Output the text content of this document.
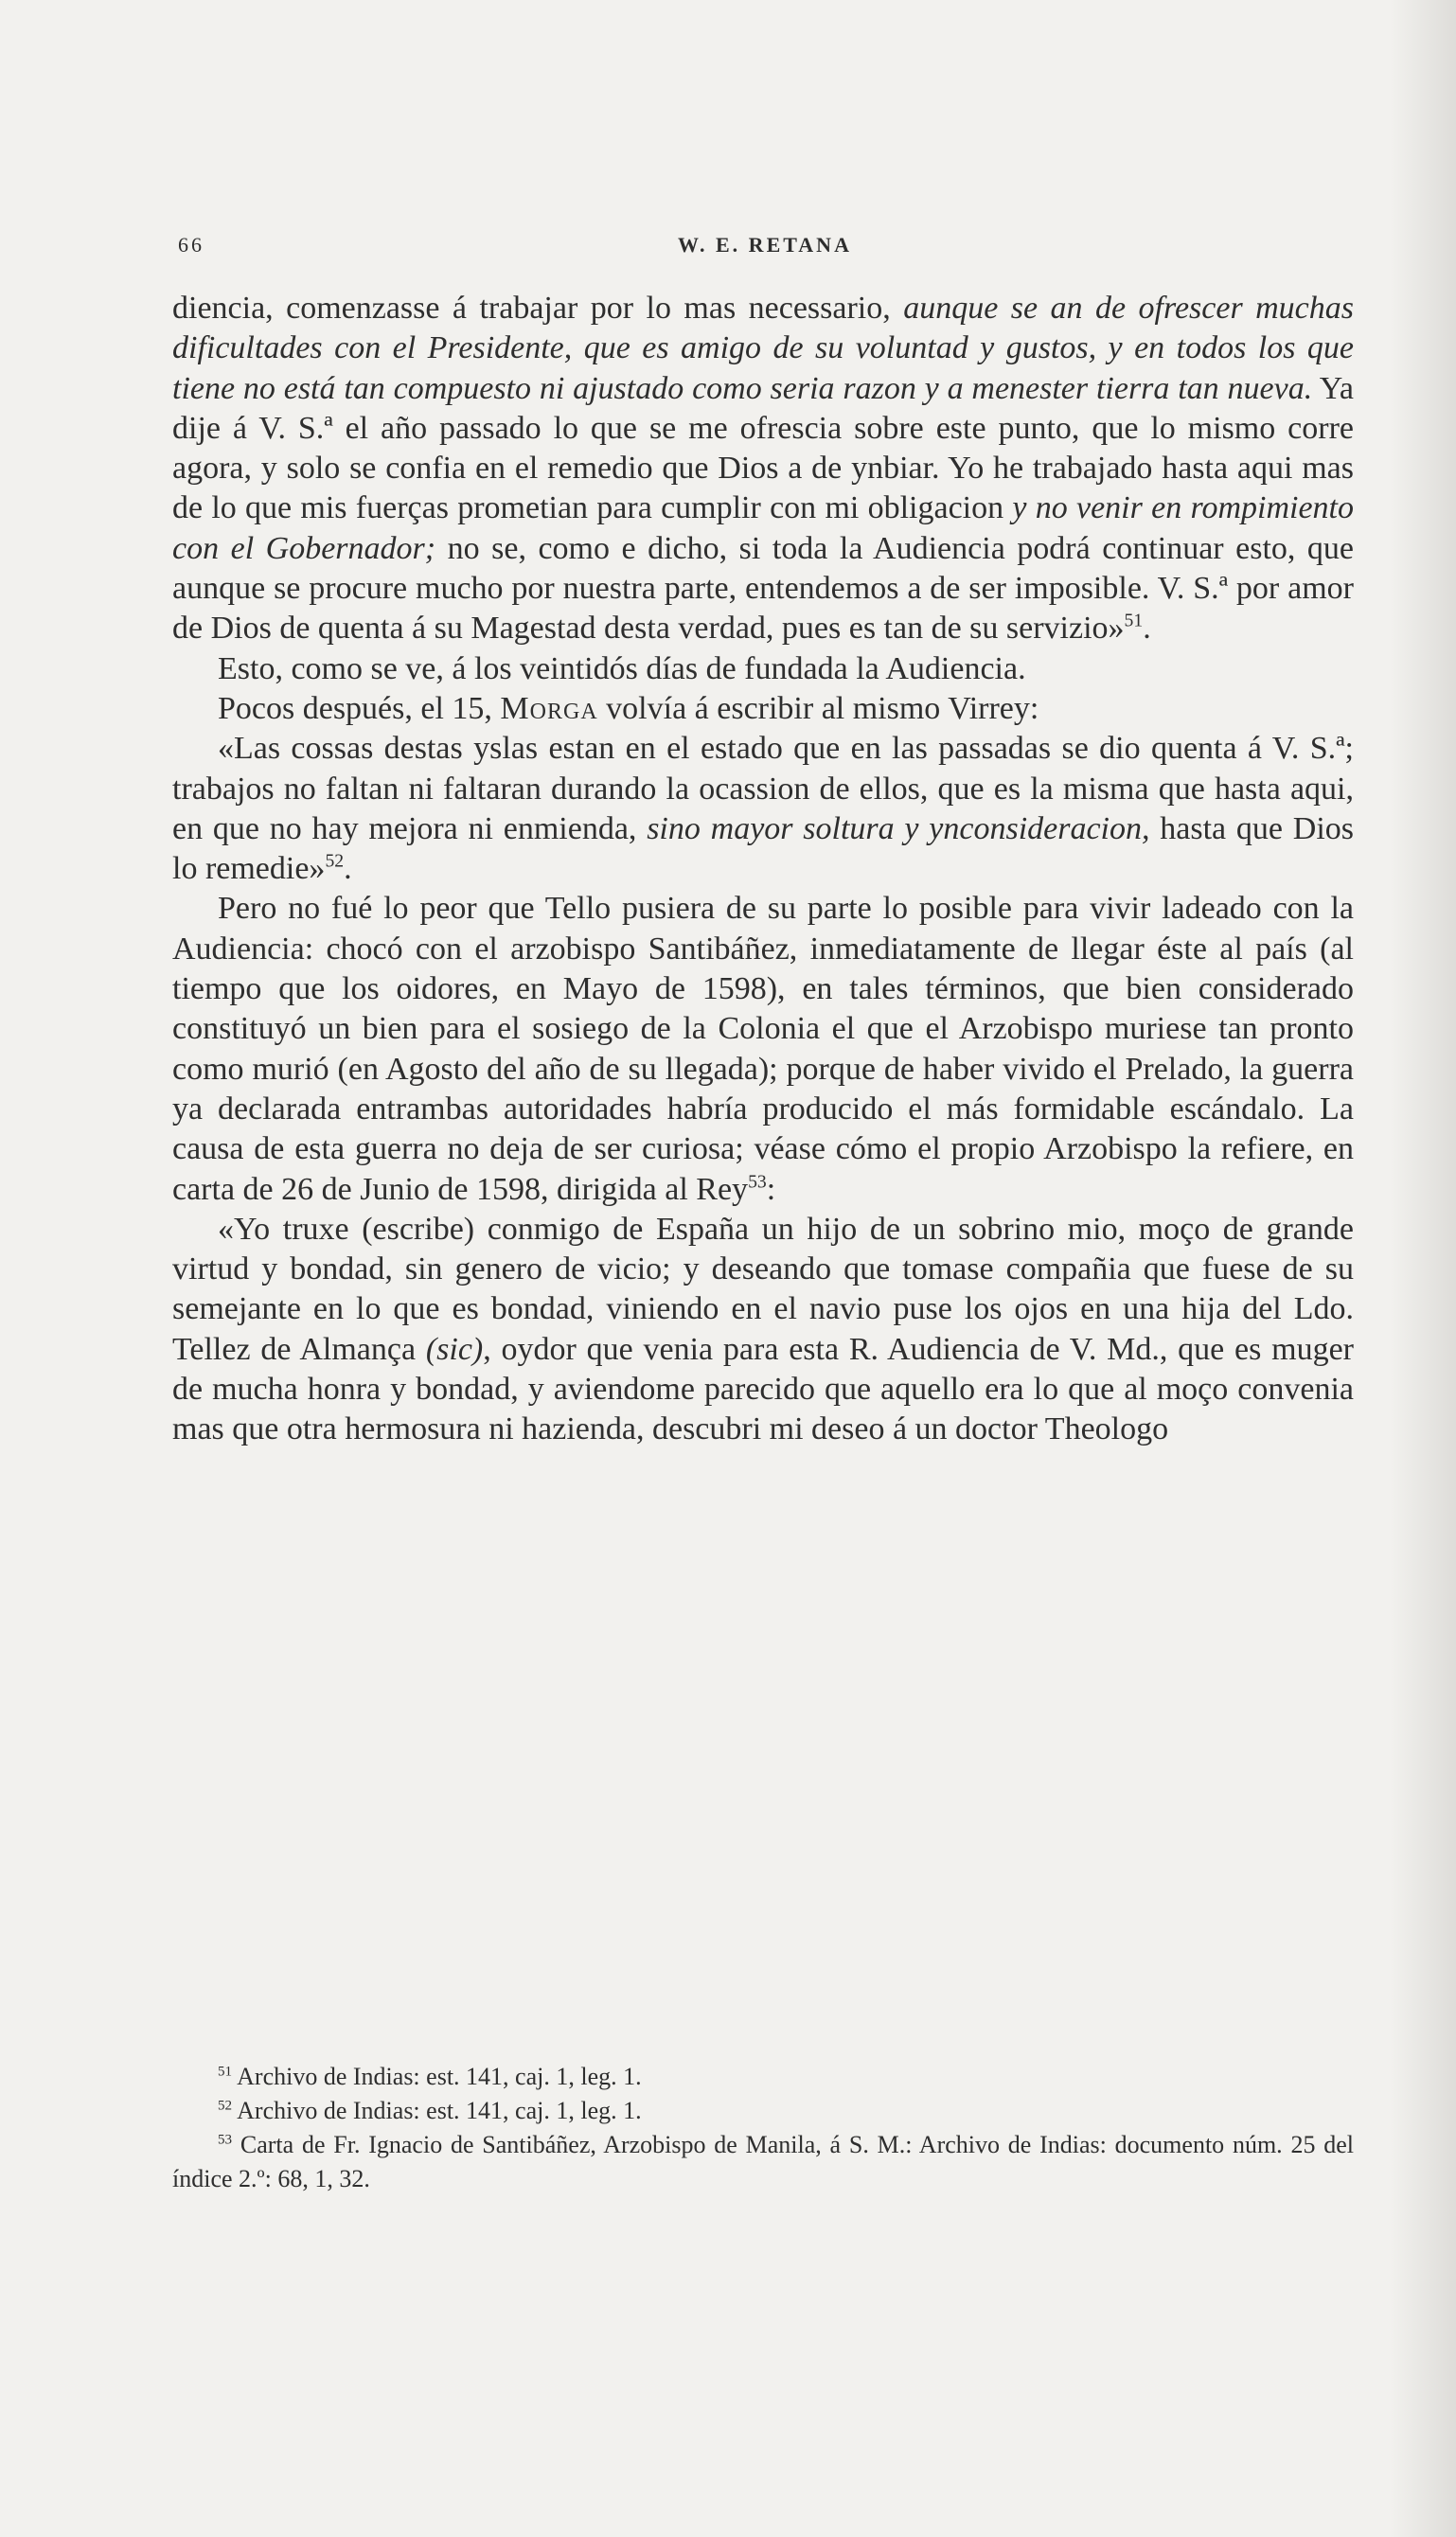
66	W. E. RETANA

diencia, comenzasse á trabajar por lo mas necessario, aunque se an de ofrescer muchas dificultades con el Presidente, que es amigo de su voluntad y gustos, y en todos los que tiene no está tan compuesto ni ajustado como seria razon y a menester tierra tan nueva. Ya dije á V. S.ª el año passado lo que se me ofrescia sobre este punto, que lo mismo corre agora, y solo se confia en el remedio que Dios a de ynbiar. Yo he trabajado hasta aqui mas de lo que mis fuerças prometian para cumplir con mi obligacion y no venir en rompimiento con el Gobernador; no se, como e dicho, si toda la Audiencia podrá continuar esto, que aunque se procure mucho por nuestra parte, entendemos a de ser imposible. V. S.ª por amor de Dios de quenta á su Magestad desta verdad, pues es tan de su servizio»$^{51}$.

Esto, como se ve, á los veintidós días de fundada la Audiencia.

Pocos después, el 15, Morga volvía á escribir al mismo Virrey:

«Las cossas destas yslas estan en el estado que en las passadas se dio quenta á V. S.ª; trabajos no faltan ni faltaran durando la ocassion de ellos, que es la misma que hasta aqui, en que no hay mejora ni enmienda, sino mayor soltura y ynconsideracion, hasta que Dios lo remedie»$^{52}$.

Pero no fué lo peor que Tello pusiera de su parte lo posible para vivir ladeado con la Audiencia: chocó con el arzobispo Santibáñez, inmediatamente de llegar éste al país (al tiempo que los oidores, en Mayo de 1598), en tales términos, que bien considerado constituyó un bien para el sosiego de la Colonia el que el Arzobispo muriese tan pronto como murió (en Agosto del año de su llegada); porque de haber vivido el Prelado, la guerra ya declarada entrambas autoridades habría producido el más formidable escándalo. La causa de esta guerra no deja de ser curiosa; véase cómo el propio Arzobispo la refiere, en carta de 26 de Junio de 1598, dirigida al Rey$^{53}$:

«Yo truxe (escribe) conmigo de España un hijo de un sobrino mio, moço de grande virtud y bondad, sin genero de vicio; y deseando que tomase compañia que fuese de su semejante en lo que es bondad, viniendo en el navio puse los ojos en una hija del Ldo. Tellez de Almança (sic), oydor que venia para esta R. Audiencia de V. Md., que es muger de mucha honra y bondad, y aviendome parecido que aquello era lo que al moço convenia mas que otra hermosura ni hazienda, descubri mi deseo á un doctor Theologo

$^{51}$ Archivo de Indias: est. 141, caj. 1, leg. 1.

$^{52}$ Archivo de Indias: est. 141, caj. 1, leg. 1.

$^{53}$ Carta de Fr. Ignacio de Santibáñez, Arzobispo de Manila, á S. M.: Archivo de Indias: documento núm. 25 del índice 2.º: 68, 1, 32.
